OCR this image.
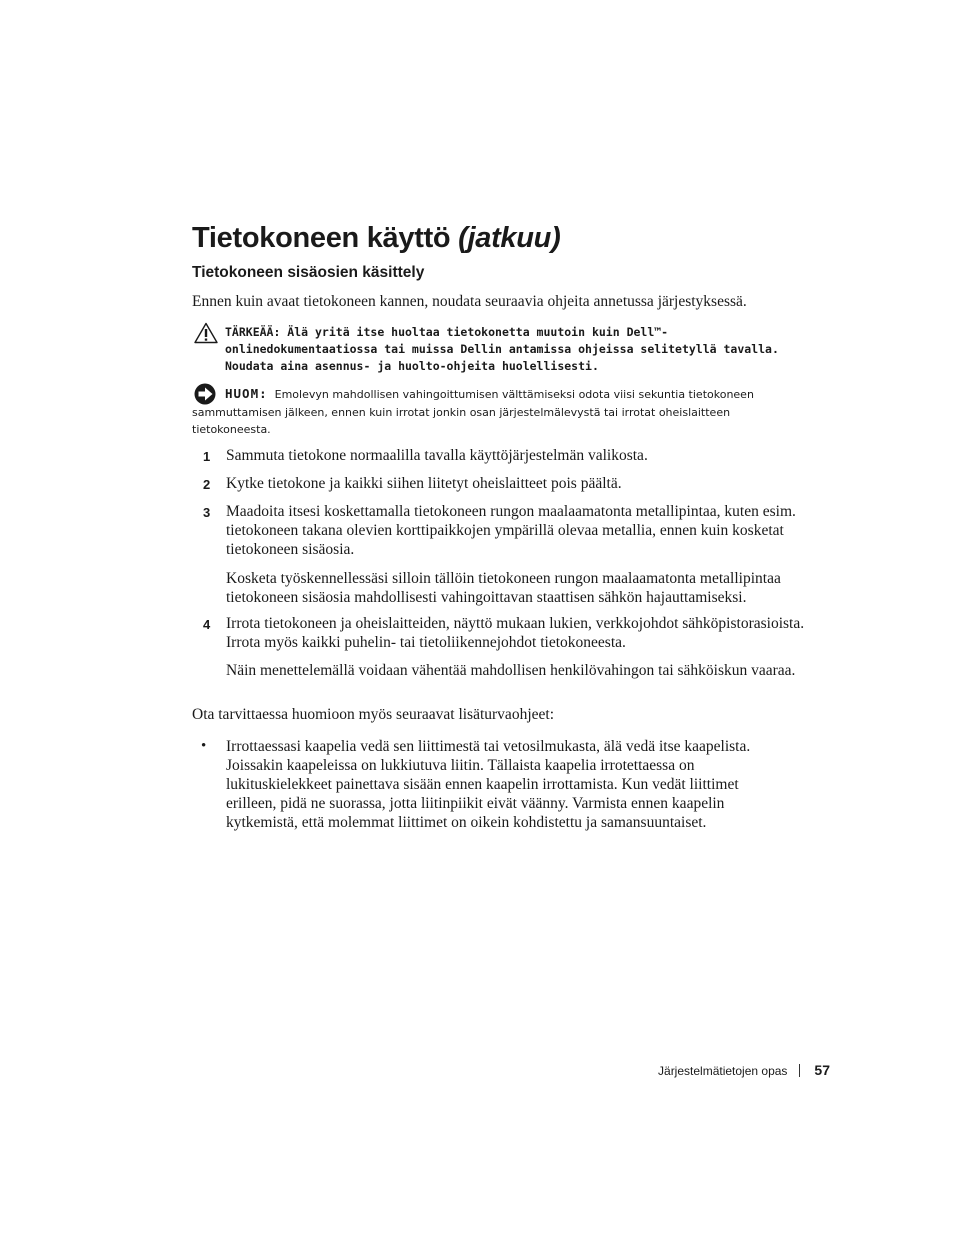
Tietokoneen käyttö (jatkuu)
Tietokoneen sisäosien käsittely

Ennen kuin avaat tietokoneen kannen, noudata seuraavia ohjeita annetussa järjestyksessä.

TÄRKEÄÄ: Älä yritä itse huoltaa tietokonetta muutoin kuin Dell™-
onlinedokumentaatiossa tai muissa Dellin antamissa ohjeissa selitetyllä tavalla.
Noudata aina asennus- ja huolto-ohjeita huolellisesti.
HUOM: Emolevyn mahdollisen vahingoittumisen välttämiseksi odota viisi sekuntia tietokoneen
sammuttamisen jälkeen, ennen kuin irrotat jonkin osan järjestelmälevystä tai irrotat oheislaitteen
tietokoneesta.
1 Sammuta tietokone normaalilla tavalla käyttöjärjestelmän valikosta.
2 Kytke tietokone ja kaikki siihen liitetyt oheislaitteet pois päältä.
3 Maadoita itsesi koskettamalla tietokoneen rungon maalaamatonta metallipintaa, kuten esim. tietokoneen takana olevien korttipaikkojen ympärillä olevaa metallia, ennen kuin kosketat tietokoneen sisäosia.
Kosketa työskennellessäsi silloin tällöin tietokoneen rungon maalaamatonta metallipintaa tietokoneen sisäosia mahdollisesti vahingoittavan staattisen sähkön hajauttamiseksi.
4 Irrota tietokoneen ja oheislaitteiden, näyttö mukaan lukien, verkkojohdot sähköpistorasioista. Irrota myös kaikki puhelin- tai tietoliikennejohdot tietokoneesta.
Näin menettelemällä voidaan vähentää mahdollisen henkilövahingon tai sähköiskun vaaraa.

Ota tarvittaessa huomioon myös seuraavat lisäturvaohjeet:

• Irrottaessasi kaapelia vedä sen liittimestä tai vetosilmukasta, älä vedä itse kaapelista. Joissakin kaapeleissa on lukkiutuva liitin. Tällaista kaapelia irrotettaessa on lukituskielekkeet painettava sisään ennen kaapelin irrottamista. Kun vedät liittimet erilleen, pidä ne suorassa, jotta liitinpiikit eivät väänny. Varmista ennen kaapelin kytkemistä, että molemmat liittimet on oikein kohdistettu ja samansuuntaiset.
Järjestelmätietojen opas 57
